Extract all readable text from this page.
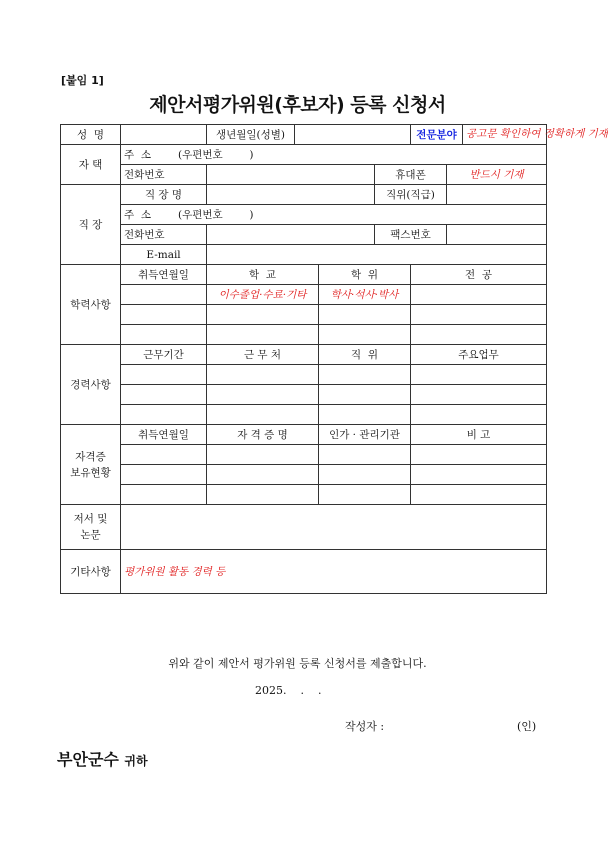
[붙임 1]
제안서평가위원(후보자) 등록 신청서
성  명		생년월일(성별)				전문분야		공고문 확인하여 정확하게 기재
자 택	주  소 (우편번호        )							
	전화번호				휴대폰		반드시 기재	
직 장	직 장 명				직위(직급)			
	주  소 (우편번호        )							
	전화번호				팩스번호			
	E-mail							
학력사항	취득연월일	학  교		학  위		전  공		
		이수졸업·수료·기타		학사·석사·박사				

경력사항	근무기간	근 무 처		직  위		주요업무		

자격증
보유현황	취득연월일	자 격 증 명		인가 · 관리기관		비 고		

저서 및
논문								
기타사항	평가위원 활동 경력 등							
위와 같이 제안서 평가위원 등록 신청서를 제출합니다.
2025.    .    .
작성자 :	(인)
부안군수 귀하
